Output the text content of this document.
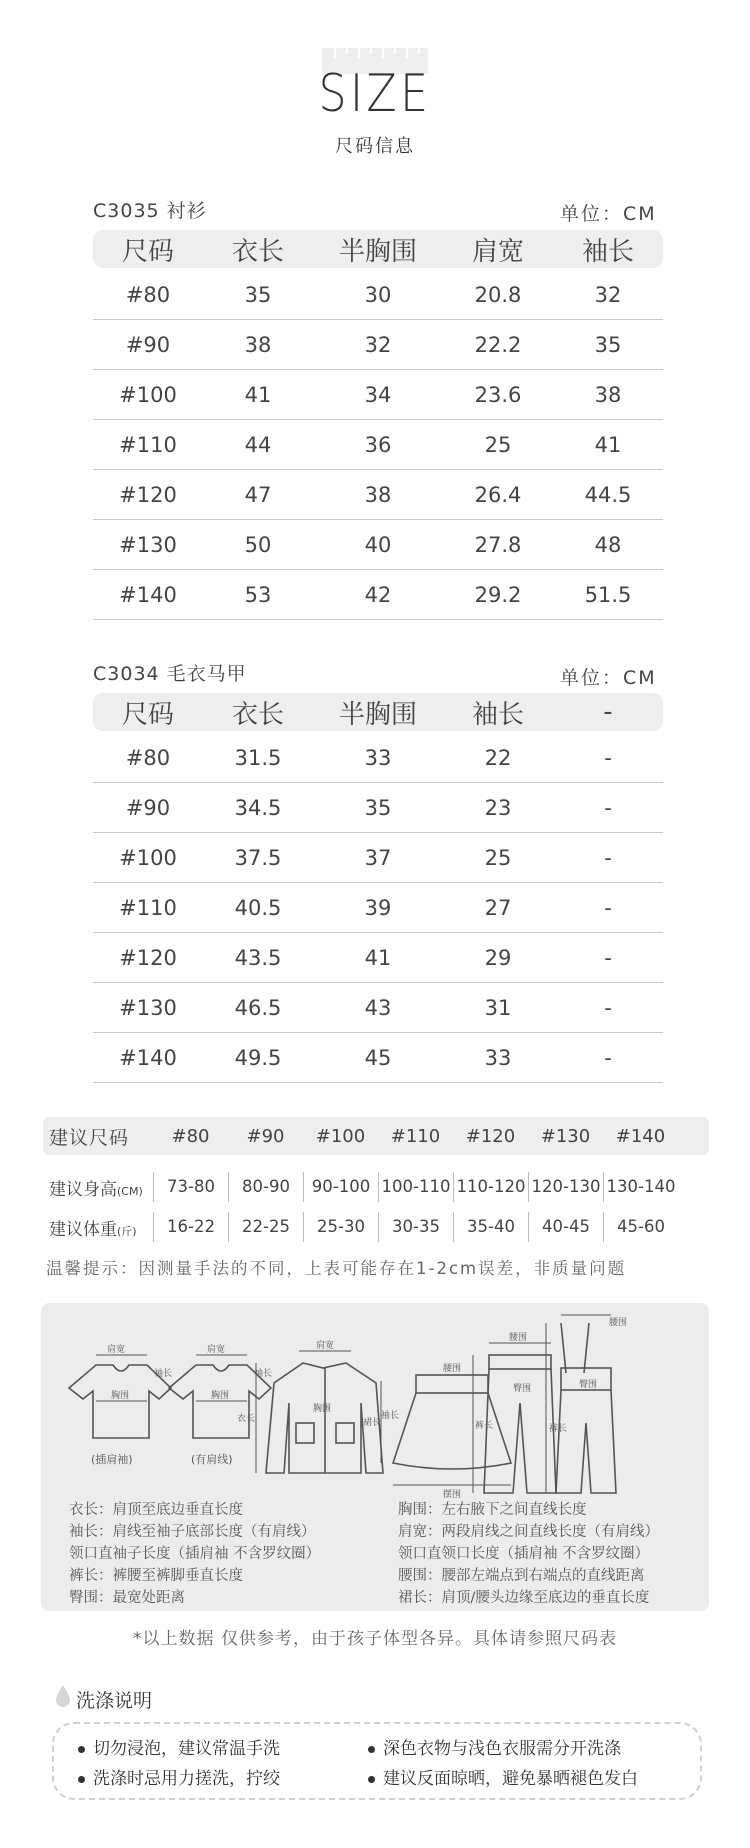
SIZE
尺码信息
C3035 衬衫	单位：CM
尺码	衣长	半胸围	肩宽	袖长
#80	35	30	20.8	32
#90	38	32	22.2	35
#100	41	34	23.6	38
#110	44	36	25	41
#120	47	38	26.4	44.5
#130	50	40	27.8	48
#140	53	42	29.2	51.5
C3034 毛衣马甲	单位：CM
尺码	衣长	半胸围	袖长	-
#80	31.5	33	22	-
#90	34.5	35	23	-
#100	37.5	37	25	-
#110	40.5	39	27	-
#120	43.5	41	29	-
#130	46.5	43	31	-
#140	49.5	45	33	-
建议尺码	#80	#90	#100	#110	#120	#130	#140
建议身高(CM)	73-80	80-90	90-100 100-110 110-120 120-130 130-140
建议体重(斤)	16-22	22-25	25-30	30-35	35-40	40-45	45-60
温馨提示：因测量手法的不同，上表可能存在1-2cm误差，非质量问题
肩宽
胸围
袖长
肩宽
胸围
袖长
肩宽
胸围
衣长	袖长
腰围
裙长
摆围
腰围
裤长
臀围
腰围
裤长
臀围
(插肩袖)	(有肩线)
衣长：肩顶至底边垂直长度
袖长：肩线至袖子底部长度（有肩线）
领口直袖子长度（插肩袖 不含罗纹圈）
裤长：裤腰至裤脚垂直长度
臀围：最宽处距离
胸围：左右腋下之间直线长度
肩宽：两段肩线之间直线长度（有肩线）
领口直领口长度（插肩袖 不含罗纹圈）
腰围：腰部左端点到右端点的直线距离
裙长：肩顶/腰头边缘至底边的垂直长度
*以上数据 仅供参考，由于孩子体型各异。具体请参照尺码表
洗涤说明
切勿浸泡，建议常温手洗	深色衣物与浅色衣服需分开洗涤
洗涤时忌用力搓洗，拧绞	建议反面晾晒，避免暴晒褪色发白
